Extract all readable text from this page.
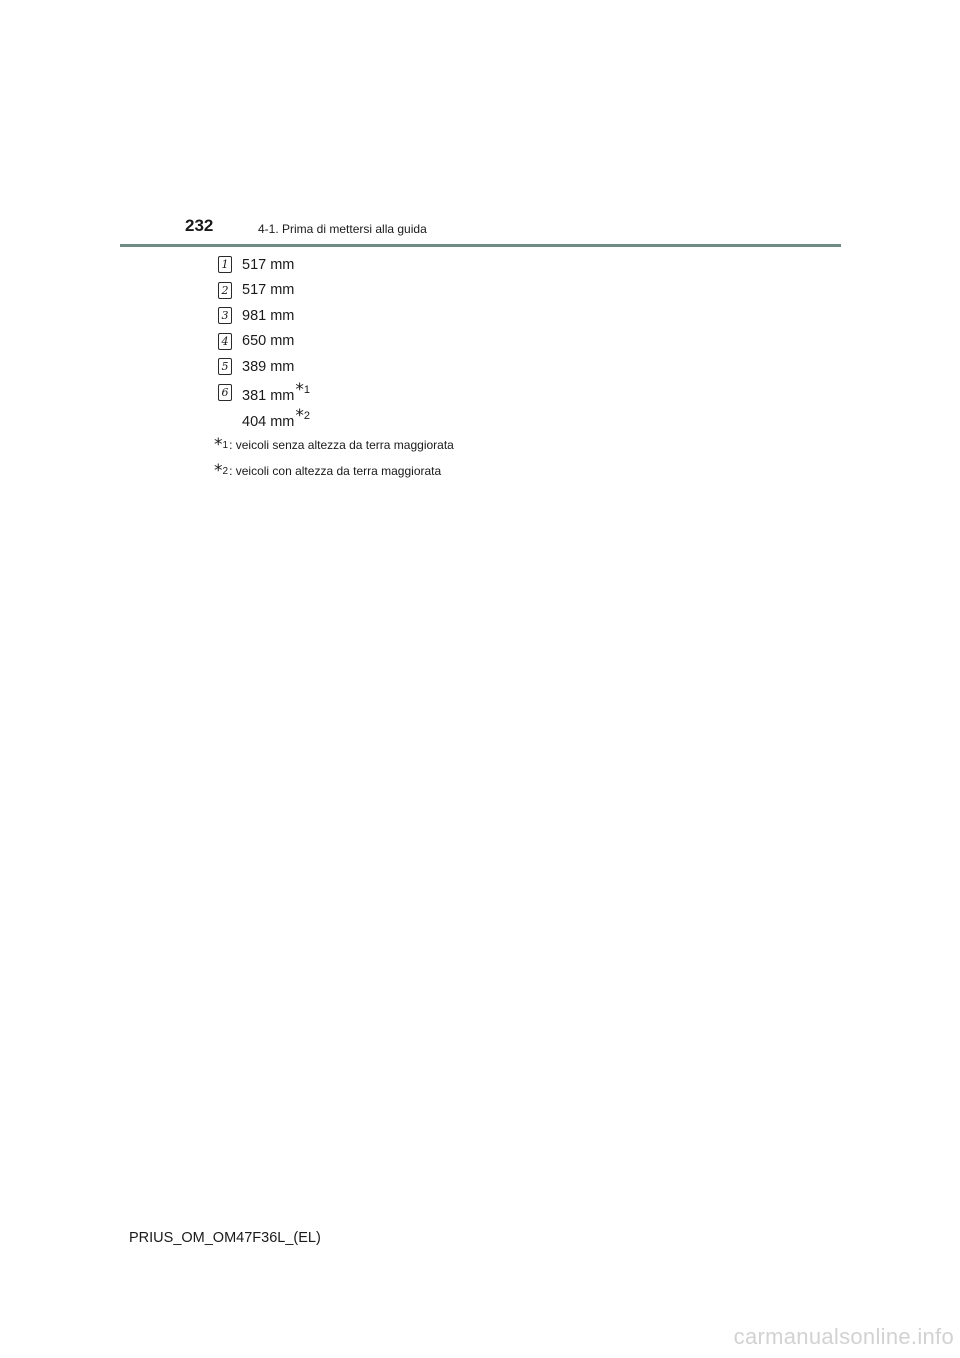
232	4-1. Prima di mettersi alla guida
1 517 mm
2 517 mm
3 981 mm
4 650 mm
5 389 mm
6 381 mm*$^1$
404 mm*$^2$
* 1 : veicoli senza altezza da terra maggiorata
* 2 : veicoli con altezza da terra maggiorata
PRIUS_OM_OM47F36L_(EL)
carmanualsonline.info
